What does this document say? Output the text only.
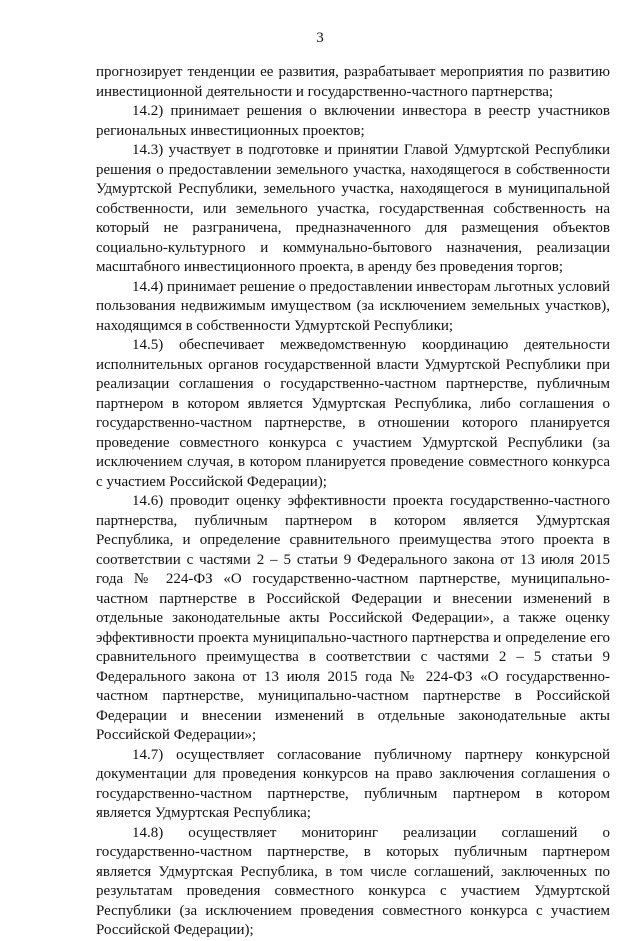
3

прогнозирует тенденции ее развития, разрабатывает мероприятия по развитию инвестиционной деятельности и государственно-частного партнерства;

14.2) принимает решения о включении инвестора в реестр участников региональных инвестиционных проектов;

14.3) участвует в подготовке и принятии Главой Удмуртской Республики решения о предоставлении земельного участка, находящегося в собственности Удмуртской Республики, земельного участка, находящегося в муниципальной собственности, или земельного участка, государственная собственность на который не разграничена, предназначенного для размещения объектов социально-культурного и коммунально-бытового назначения, реализации масштабного инвестиционного проекта, в аренду без проведения торгов;

14.4) принимает решение о предоставлении инвесторам льготных условий пользования недвижимым имуществом (за исключением земельных участков), находящимся в собственности Удмуртской Республики;

14.5) обеспечивает межведомственную координацию деятельности исполнительных органов государственной власти Удмуртской Республики при реализации соглашения о государственно-частном партнерстве, публичным партнером в котором является Удмуртская Республика, либо соглашения о государственно-частном партнерстве, в отношении которого планируется проведение совместного конкурса с участием Удмуртской Республики (за исключением случая, в котором планируется проведение совместного конкурса с участием Российской Федерации);

14.6) проводит оценку эффективности проекта государственно-частного партнерства, публичным партнером в котором является Удмуртская Республика, и определение сравнительного преимущества этого проекта в соответствии с частями 2 – 5 статьи 9 Федерального закона от 13 июля 2015 года № 224-ФЗ «О государственно-частном партнерстве, муниципально-частном партнерстве в Российской Федерации и внесении изменений в отдельные законодательные акты Российской Федерации», а также оценку эффективности проекта муниципально-частного партнерства и определение его сравнительного преимущества в соответствии с частями 2 – 5 статьи 9 Федерального закона от 13 июля 2015 года № 224-ФЗ «О государственно-частном партнерстве, муниципально-частном партнерстве в Российской Федерации и внесении изменений в отдельные законодательные акты Российской Федерации»;

14.7) осуществляет согласование публичному партнеру конкурсной документации для проведения конкурсов на право заключения соглашения о государственно-частном партнерстве, публичным партнером в котором является Удмуртская Республика;

14.8) осуществляет мониторинг реализации соглашений о государственно-частном партнерстве, в которых публичным партнером является Удмуртская Республика, в том числе соглашений, заключенных по результатам проведения совместного конкурса с участием Удмуртской Республики (за исключением проведения совместного конкурса с участием Российской Федерации);
